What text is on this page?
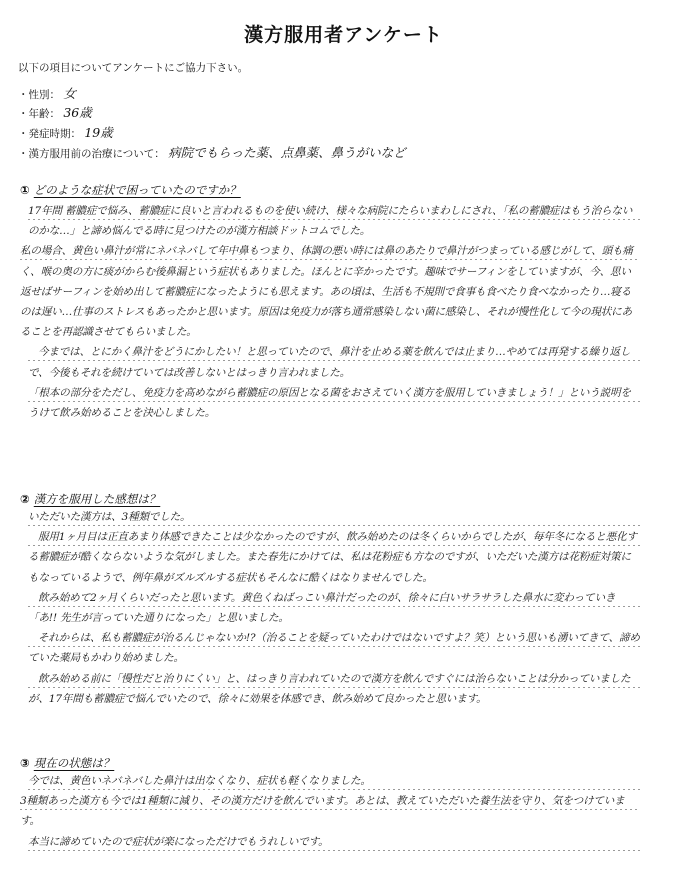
漢方服用者アンケート
以下の項目についてアンケートにご協力下さい。
・性別： 女
・年齢： 36歳
・発症時期： 19歳
・漢方服用前の治療について： 病院でもらった薬、点鼻薬、鼻うがいなど
① どのような症状で困っていたのですか？

17年間 蓄膿症で悩み、蓄膿症に良いと言われるものを使い続け、様々な病院にたらいまわしにされ、「私の蓄膿症はもう治らないのかな…」と諦め悩んでる時に見つけたのが漢方相談ドットコムでした。

私の場合、黄色い鼻汁が常にネバネバして年中鼻もつまり、体調の悪い時には鼻のあたりで鼻汁がつまっている感じがして、頭も痛く、喉の奥の方に痰がからむ後鼻漏という症状もありました。ほんとに辛かったです。趣味でサーフィンをしていますが、今、思い返せばサーフィンを始め出して蓄膿症になったようにも思えます。あの頃は、生活も不規則で食事も食べたり食べなかったり…寝るのは遅い…仕事のストレスもあったかと思います。原因は免疫力が落ち通常感染しない菌に感染し、それが慢性化して今の現状にあることを再認識させてもらいました。

今までは、とにかく鼻汁をどうにかしたい！と思っていたので、鼻汁を止める薬を飲んでは止まり…やめては再発する繰り返しで、今後もそれを続けていては改善しないとはっきり言われました。

「根本の部分をただし、免疫力を高めながら蓄膿症の原因となる菌をおさえていく漢方を服用していきましょう！」という説明をうけて飲み始めることを決心しました。

② 漢方を服用した感想は？

いただいた漢方は、3種類でした。

服用1ヶ月目は正直あまり体感できたことは少なかったのですが、飲み始めたのは冬くらいからでしたが、毎年冬になると悪化する蓄膿症が酷くならないような気がしました。また春先にかけては、私は花粉症も方なのですが、いただいた漢方は花粉症対策にもなっているようで、例年鼻がズルズルする症状もそんなに酷くはなりませんでした。

飲み始めて2ヶ月くらいだったと思います。黄色くねばっこい鼻汁だったのが、徐々に白いサラサラした鼻水に変わっていき「あ!! 先生が言っていた通りになった」と思いました。

それからは、私も蓄膿症が治るんじゃないか!?（治ることを疑っていたわけではないですよ？笑）という思いも湧いてきて、諦めていた薬局もかわり始めました。

飲み始める前に「慢性だと治りにくい」と、はっきり言われていたので漢方を飲んですぐには治らないことは分かっていましたが、17年間も蓄膿症で悩んでいたので、徐々に効果を体感でき、飲み始めて良かったと思います。

③ 現在の状態は？

今では、黄色いネバネバした鼻汁は出なくなり、症状も軽くなりました。

3種類あった漢方も今では1種類に減り、その漢方だけを飲んでいます。あとは、教えていただいた養生法を守り、気をつけています。

本当に諦めていたので症状が楽になっただけでもうれしいです。
